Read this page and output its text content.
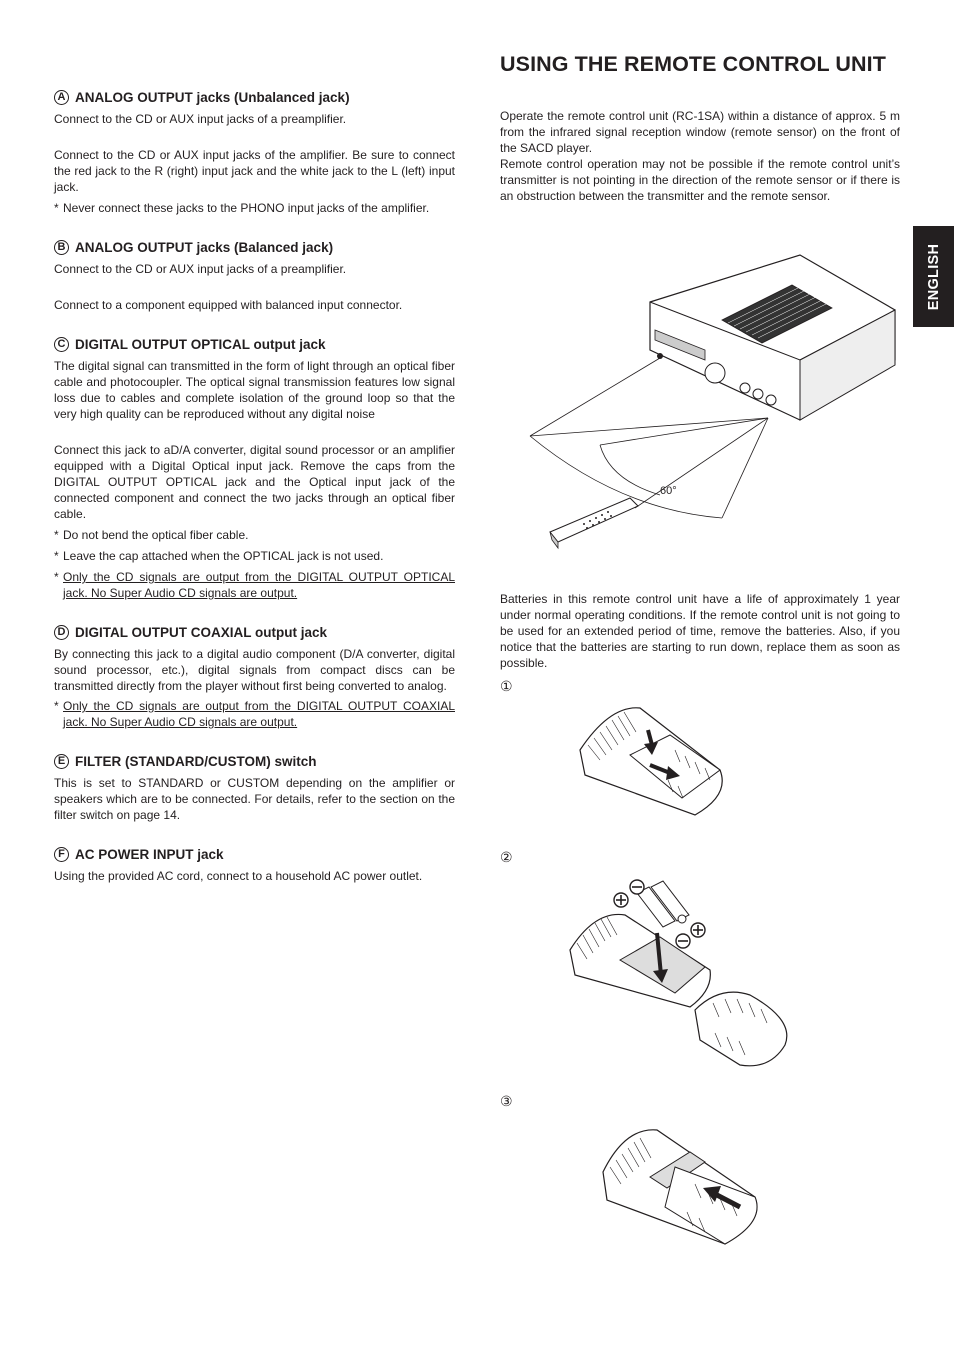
A ANALOG OUTPUT jacks (Unbalanced jack)

Connect to the CD or AUX input jacks of a preamplifier.

Connect to the CD or AUX input jacks of the amplifier. Be sure to connect the red jack to the R (right) input jack and the white jack to the L (left) input jack.

* Never connect these jacks to the PHONO input jacks of the amplifier.
B ANALOG OUTPUT jacks (Balanced jack)

Connect to the CD or AUX input jacks of a preamplifier.

Connect to a component equipped with balanced input connector.

C DIGITAL OUTPUT OPTICAL output jack

The digital signal can transmitted in the form of light through an optical fiber cable and photocoupler. The optical signal transmission features low signal loss due to cables and complete isolation of the ground loop so that the very high quality can be reproduced without any digital noise

Connect this jack to aD/A converter, digital sound processor or an amplifier equipped with a Digital Optical input jack. Remove the caps from the DIGITAL OUTPUT OPTICAL jack and the Optical input jack of the connected component and connect the two jacks through an optical fiber cable.

* Do not bend the optical fiber cable.
* Leave the cap attached when the OPTICAL jack is not used.
* Only the CD signals are output from the DIGITAL OUTPUT OPTICAL jack. No Super Audio CD signals are output.
D DIGITAL OUTPUT COAXIAL output jack

By connecting this jack to a digital audio component (D/A converter, digital sound processor, etc.), digital signals from compact discs can be transmitted directly from the player without first being converted to analog.

* Only the CD signals are output from the DIGITAL OUTPUT COAXIAL jack. No Super Audio CD signals are output.
E FILTER (STANDARD/CUSTOM) switch

This is set to STANDARD or CUSTOM depending on the amplifier or speakers which are to be connected. For details, refer to the section on the filter switch on page 14.

F AC POWER INPUT jack

Using the provided AC cord, connect to a household AC power outlet.

USING THE REMOTE CONTROL UNIT

Operate the remote control unit (RC-1SA) within a distance of approx. 5 m from the infrared signal reception window (remote sensor) on the front of the SACD player.

Remote control operation may not be possible if the remote control unit’s transmitter is not pointing in the direction of the remote sensor or if there is an obstruction between the transmitter and the remote sensor.

60°

Batteries in this remote control unit have a life of approximately 1 year under normal operating conditions. If the remote control unit is not going to be used for an extended period of time, remove the batteries. Also, if you notice that the batteries are starting to run down, replace them as soon as possible.

①
②
③
ENGLISH
